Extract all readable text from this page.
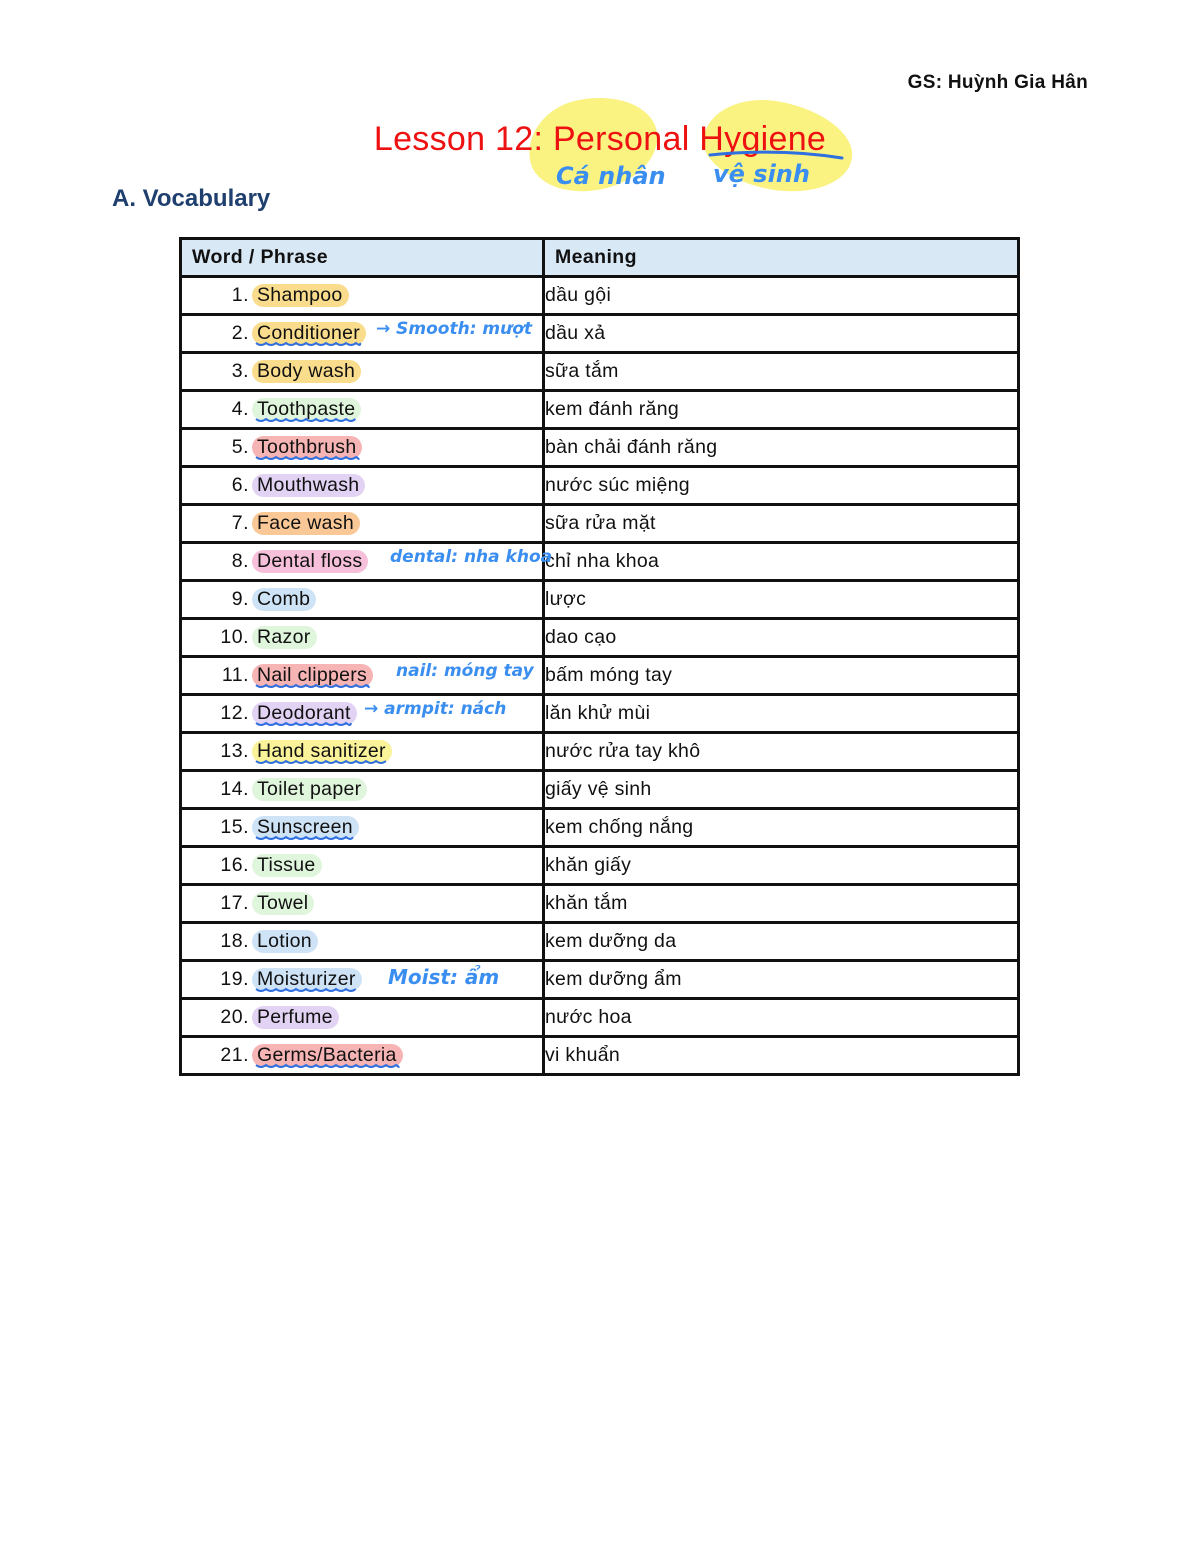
GS: Huỳnh Gia Hân
Lesson 12: Personal Hygiene
Cá nhân vệ sinh
A. Vocabulary
Word / Phrase	Meaning
1. Shampoo	dầu gội
2. Conditioner → Smooth: mượt	dầu xả
3. Body wash	sữa tắm
4. Toothpaste	kem đánh răng
5. Toothbrush	bàn chải đánh răng
6. Mouthwash	nước súc miệng
7. Face wash	sữa rửa mặt
8. Dental floss dental: nha khoa	chỉ nha khoa
9. Comb	lược
10. Razor	dao cạo
11. Nail clippers nail: móng tay	bấm móng tay
12. Deodorant → armpit: nách	lăn khử mùi
13. Hand sanitizer	nước rửa tay khô
14. Toilet paper	giấy vệ sinh
15. Sunscreen	kem chống nắng
16. Tissue	khăn giấy
17. Towel	khăn tắm
18. Lotion	kem dưỡng da
19. Moisturizer Moist: ẩm	kem dưỡng ẩm
20. Perfume	nước hoa
21. Germs/Bacteria	vi khuẩn
